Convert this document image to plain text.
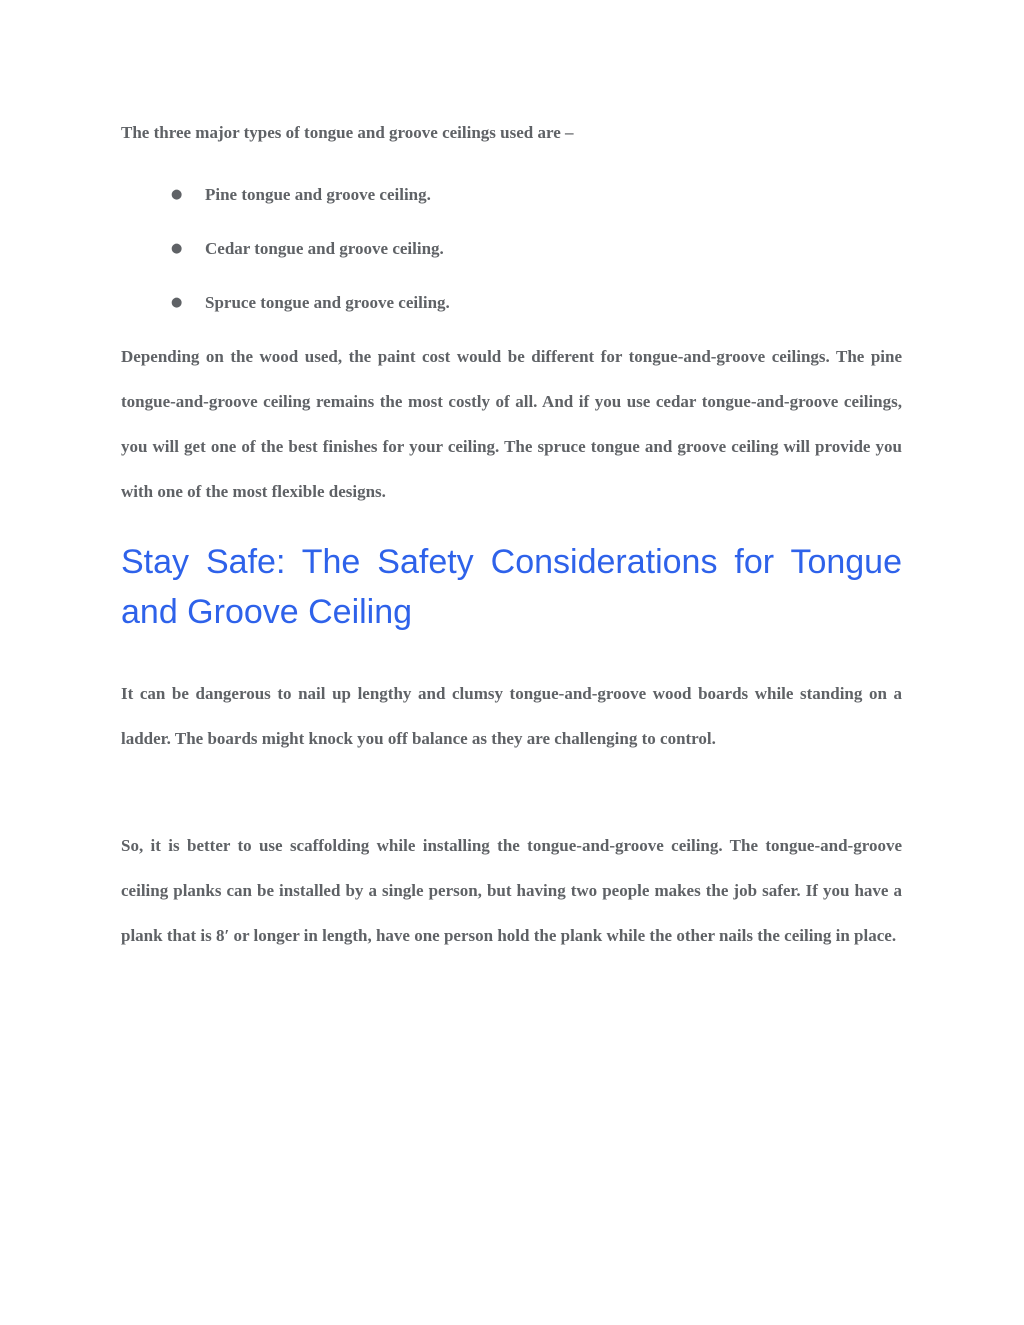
The three major types of tongue and groove ceilings used are –

● Pine tongue and groove ceiling.
● Cedar tongue and groove ceiling.
● Spruce tongue and groove ceiling.

Depending on the wood used, the paint cost would be different for tongue-and-groove ceilings. The pine tongue-and-groove ceiling remains the most costly of all. And if you use cedar tongue-and-groove ceilings, you will get one of the best finishes for your ceiling. The spruce tongue and groove ceiling will provide you with one of the most flexible designs.

Stay Safe: The Safety Considerations for Tongue and Groove Ceiling

It can be dangerous to nail up lengthy and clumsy tongue-and-groove wood boards while standing on a ladder. The boards might knock you off balance as they are challenging to control.

So, it is better to use scaffolding while installing the tongue-and-groove ceiling. The tongue-and-groove ceiling planks can be installed by a single person, but having two people makes the job safer. If you have a plank that is 8′ or longer in length, have one person hold the plank while the other nails the ceiling in place.
